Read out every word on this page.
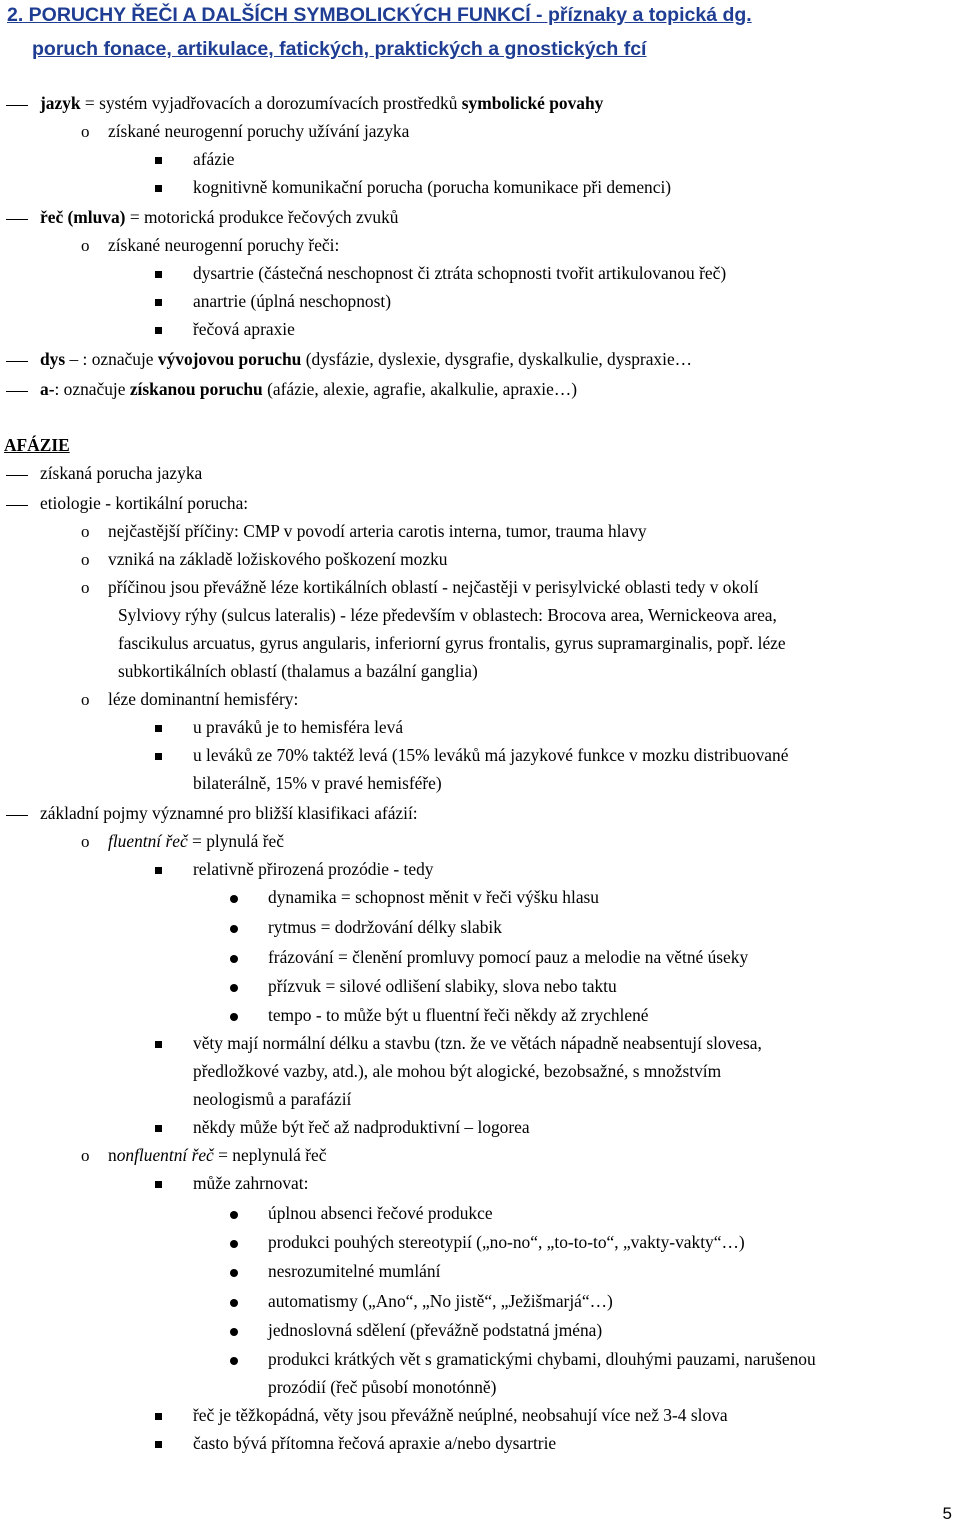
2. PORUCHY ŘEČI A DALŠÍCH SYMBOLICKÝCH FUNKCÍ - příznaky a topická dg.
poruch fonace, artikulace, fatických, praktických a gnostických fcí
AFÁZIE
jazyk = systém vyjadřovacích a dorozumívacích prostředků symbolické povahy
o získané neurogenní poruchy užívání jazyka
afázie
kognitivně komunikační porucha (porucha komunikace při demenci)
řeč (mluva) = motorická produkce řečových zvuků
o získané neurogenní poruchy řeči:
dysartrie (částečná neschopnost či ztráta schopnosti tvořit artikulovanou řeč)
anartrie (úplná neschopnost)
řečová apraxie
dys – : označuje vývojovou poruchu (dysfázie, dyslexie, dysgrafie, dyskalkulie, dyspraxie…
a-: označuje získanou poruchu (afázie, alexie, agrafie, akalkulie, apraxie…)
získaná porucha jazyka
etiologie - kortikální porucha:
o nejčastější příčiny: CMP v povodí arteria carotis interna, tumor, trauma hlavy
o vzniká na základě ložiskového poškození mozku
o příčinou jsou převážně léze kortikálních oblastí - nejčastěji v perisylvické oblasti tedy v okolí
Sylviovy rýhy (sulcus lateralis) - léze především v oblastech: Brocova area, Wernickeova area,
fascikulus arcuatus, gyrus angularis, inferiorní gyrus frontalis, gyrus supramarginalis, popř. léze
subkortikálních oblastí (thalamus a bazální ganglia)
o léze dominantní hemisféry:
u praváků je to hemisféra levá
u leváků ze 70% taktéž levá (15% leváků má jazykové funkce v mozku distribuované
bilaterálně, 15% v pravé hemisféře)
základní pojmy významné pro bližší klasifikaci afázií:
o fluentní řeč = plynulá řeč
relativně přirozená prozódie - tedy
dynamika = schopnost měnit v řeči výšku hlasu
rytmus = dodržování délky slabik
frázování = členění promluvy pomocí pauz a melodie na větné úseky
přízvuk = silové odlišení slabiky, slova nebo taktu
tempo - to může být u fluentní řeči někdy až zrychlené
věty mají normální délku a stavbu (tzn. že ve větách nápadně neabsentují slovesa,
předložkové vazby, atd.), ale mohou být alogické, bezobsažné, s množstvím
neologismů a parafázií
někdy může být řeč až nadproduktivní – logorea
o nonfluentní řeč = neplynulá řeč
může zahrnovat:
úplnou absenci řečové produkce
produkci pouhých stereotypií („no-no“, „to-to-to“, „vakty-vakty“…)
nesrozumitelné mumlání
automatismy („Ano“, „No jistě“, „Ježišmarjá“…)
jednoslovná sdělení (převážně podstatná jména)
produkci krátkých vět s gramatickými chybami, dlouhými pauzami, narušenou
prozódií (řeč působí monotónně)
řeč je těžkopádná, věty jsou převážně neúplné, neobsahují více než 3-4 slova
často bývá přítomna řečová apraxie a/nebo dysartrie
5
